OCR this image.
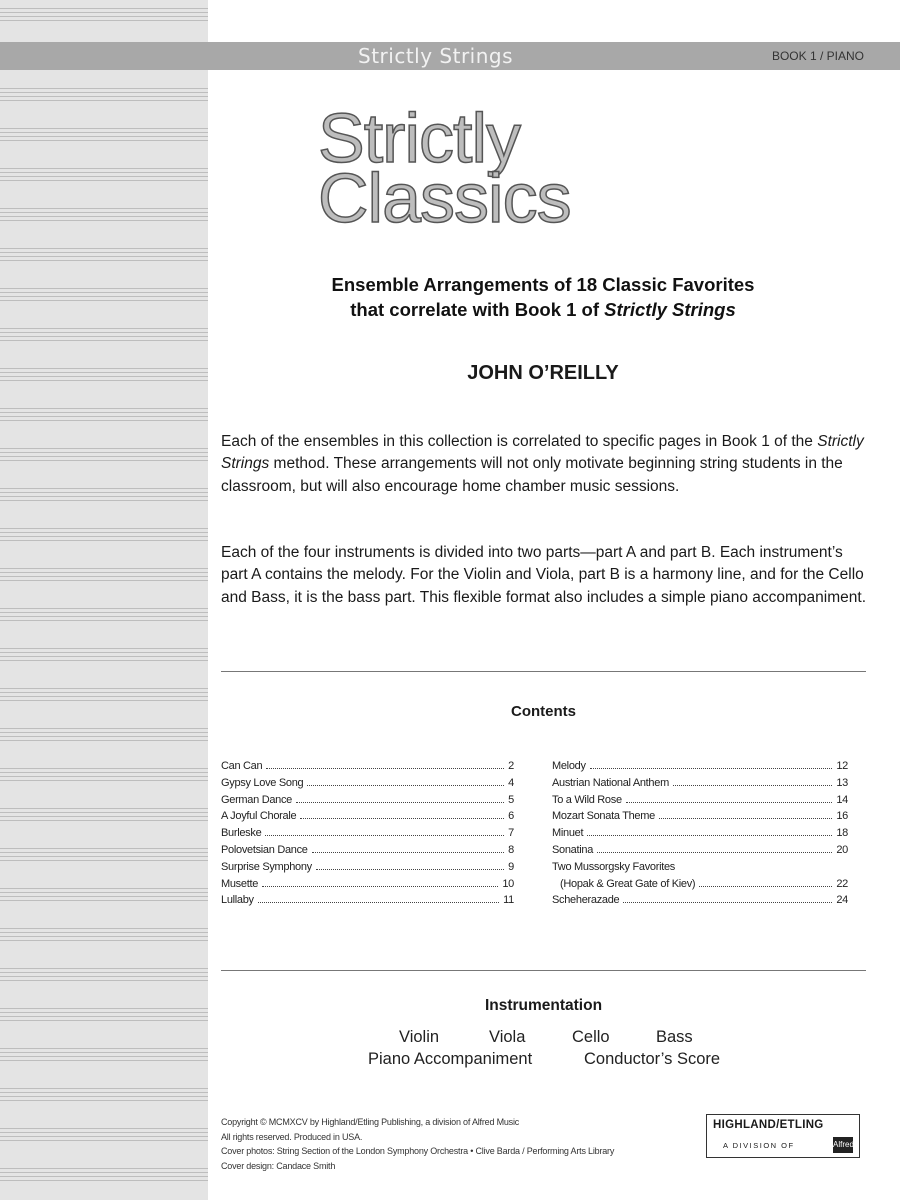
Strictly Strings	BOOK 1 / PIANO
Strictly
Classics
Ensemble Arrangements of 18 Classic Favorites
that correlate with Book 1 of Strictly Strings
JOHN O’REILLY
Each of the ensembles in this collection is correlated to specific pages in Book 1 of the Strictly Strings method. These arrangements will not only motivate beginning string students in the classroom, but will also encourage home chamber music sessions.
Each of the four instruments is divided into two parts—part A and part B. Each instrument’s part A contains the melody. For the Violin and Viola, part B is a harmony line, and for the Cello and Bass, it is the bass part. This flexible format also includes a simple piano accompaniment.
Contents
Can Can	2
Gypsy Love Song	4
German Dance	5
A Joyful Chorale	6
Burleske	7
Polovetsian Dance	8
Surprise Symphony	9
Musette	10
Lullaby	11
Melody	12
Austrian National Anthem	13
To a Wild Rose	14
Mozart Sonata Theme	16
Minuet	18
Sonatina	20
Two Mussorgsky Favorites
(Hopak & Great Gate of Kiev)	22
Scheherazade	24
Instrumentation
Violin	Viola	Cello	Bass
Piano Accompaniment	Conductor’s Score
Copyright © MCMXCV by Highland/Etling Publishing, a division of Alfred Music
All rights reserved. Produced in USA.
Cover photos: String Section of the London Symphony Orchestra • Clive Barda / Performing Arts Library
Cover design: Candace Smith
HIGHLAND/ETLING
A DIVISION OF	Alfred
